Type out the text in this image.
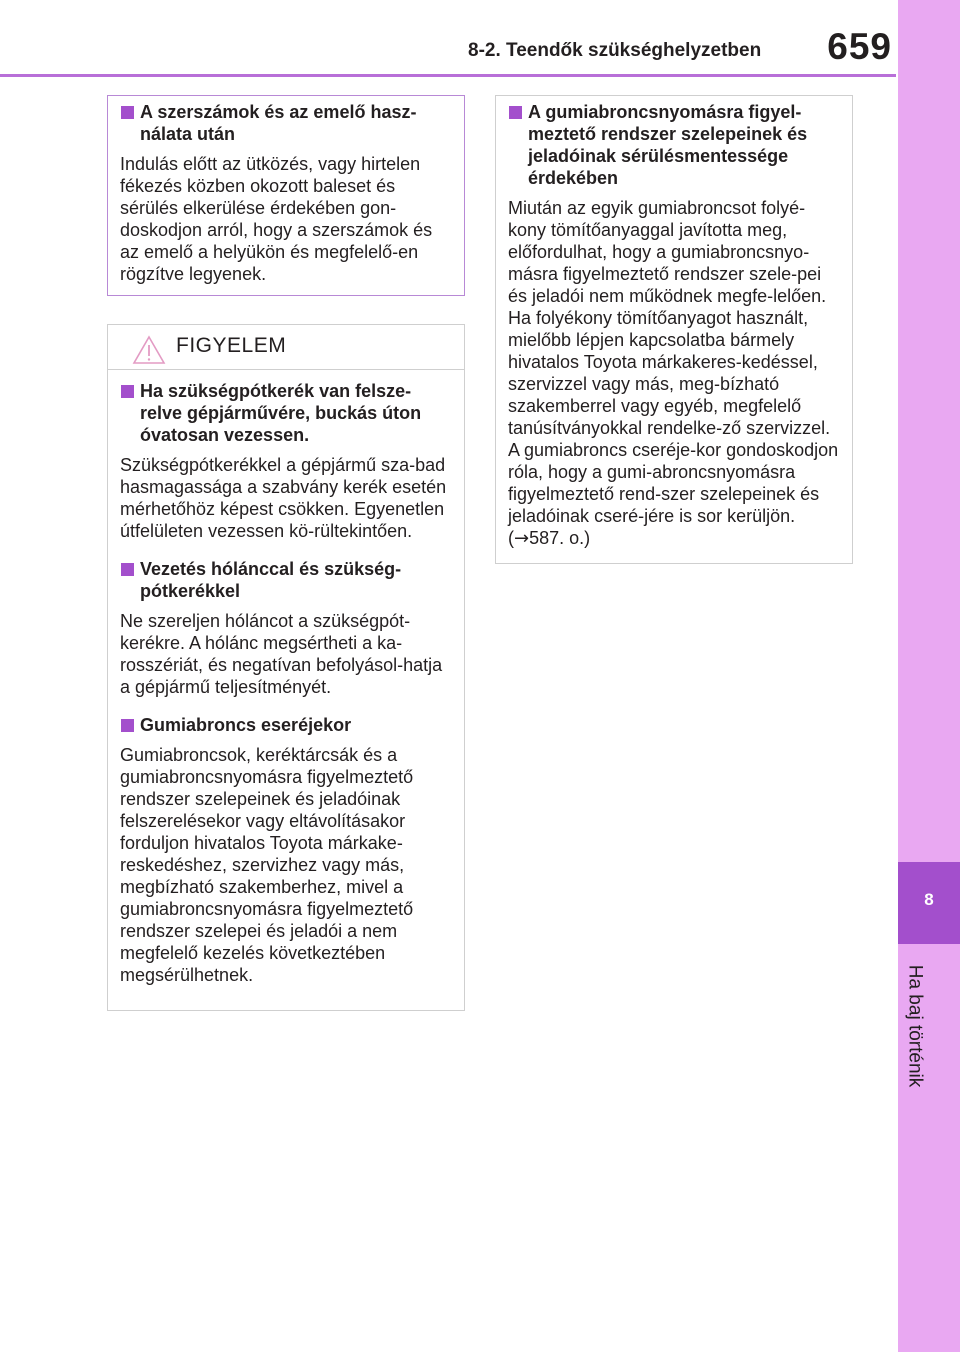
8-2. Teendők szükséghelyzetben	659
8
Ha baj történik
A szerszámok és az emelő hasz-nálata után

Indulás előtt az ütközés, vagy hirtelen fékezés közben okozott baleset és sérülés elkerülése érdekében gon-doskodjon arról, hogy a szerszámok és az emelő a helyükön és megfelelő-en rögzítve legyenek.

FIGYELEM
Ha szükségpótkerék van felsze-relve gépjárművére, buckás úton óvatosan vezessen.

Szükségpótkerékkel a gépjármű sza-bad hasmagassága a szabvány kerék esetén mérhetőhöz képest csökken. Egyenetlen útfelületen vezessen kö-rültekintően.

Vezetés hólánccal és szükség-pótkerékkel

Ne szereljen hóláncot a szükségpót-kerékre. A hólánc megsértheti a ka-rosszériát, és negatívan befolyásol-hatja a gépjármű teljesítményét.

Gumiabroncs eseréjekor

Gumiabroncsok, keréktárcsák és a gumiabroncsnyomásra figyelmeztető rendszer szelepeinek és jeladóinak felszerelésekor vagy eltávolításakor forduljon hivatalos Toyota márkake-reskedéshez, szervizhez vagy más, megbízható szakemberhez, mivel a gumiabroncsnyomásra figyelmeztető rendszer szelepei és jeladói a nem megfelelő kezelés következtében megsérülhetnek.

A gumiabroncsnyomásra figyel-meztető rendszer szelepeinek és jeladóinak sérülésmentessége érdekében

Miután az egyik gumiabroncsot folyé-kony tömítőanyaggal javította meg, előfordulhat, hogy a gumiabroncsnyo-másra figyelmeztető rendszer szele-pei és jeladói nem működnek megfe-lelően. Ha folyékony tömítőanyagot használt, mielőbb lépjen kapcsolatba bármely hivatalos Toyota márkakeres-kedéssel, szervizzel vagy más, meg-bízható szakemberrel vagy egyéb, megfelelő tanúsítványokkal rendelke-ző szervizzel. A gumiabroncs cseréje-kor gondoskodjon róla, hogy a gumi-abroncsnyomásra figyelmeztető rend-szer szelepeinek és jeladóinak cseré-jére is sor kerüljön. (→587. o.)
